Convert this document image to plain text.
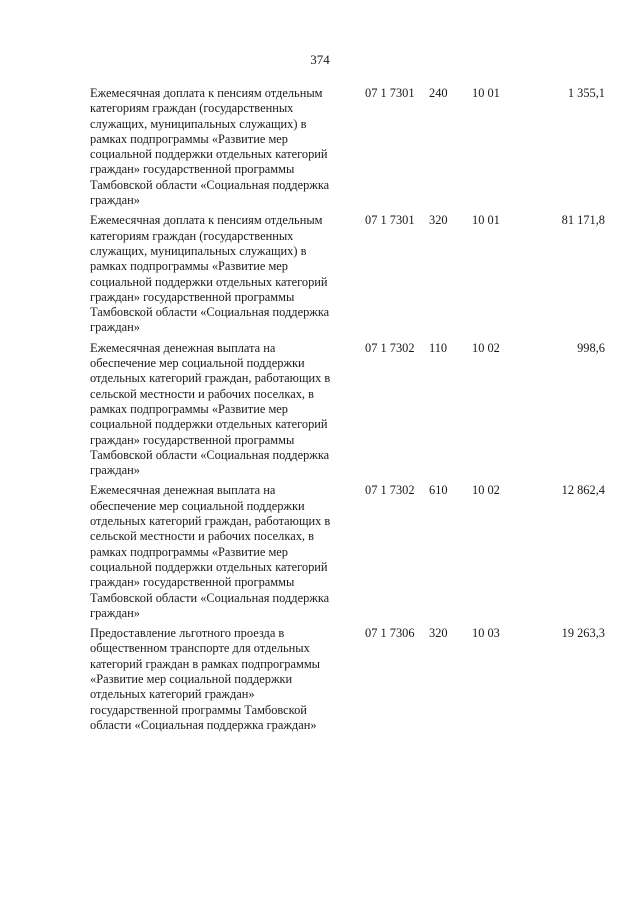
374
Ежемесячная доплата к пенсиям отдельным
категориям граждан (государственных
служащих, муниципальных служащих) в
рамках подпрограммы «Развитие мер
социальной поддержки отдельных категорий
граждан» государственной программы
Тамбовской области «Социальная поддержка
граждан»
07 1 7301	240	10 01	1 355,1
Ежемесячная доплата к пенсиям отдельным
категориям граждан (государственных
служащих, муниципальных служащих) в
рамках подпрограммы «Развитие мер
социальной поддержки отдельных категорий
граждан» государственной программы
Тамбовской области «Социальная поддержка
граждан»
07 1 7301	320	10 01	81 171,8
Ежемесячная денежная выплата на
обеспечение мер социальной поддержки
отдельных категорий граждан, работающих в
сельской местности и рабочих поселках, в
рамках подпрограммы «Развитие мер
социальной поддержки отдельных категорий
граждан» государственной программы
Тамбовской области «Социальная поддержка
граждан»
07 1 7302	110	10 02	998,6
Ежемесячная денежная выплата на
обеспечение мер социальной поддержки
отдельных категорий граждан, работающих в
сельской местности и рабочих поселках, в
рамках подпрограммы «Развитие мер
социальной поддержки отдельных категорий
граждан» государственной программы
Тамбовской области «Социальная поддержка
граждан»
07 1 7302	610	10 02	12 862,4
Предоставление льготного проезда в
общественном транспорте для отдельных
категорий граждан в рамках подпрограммы
«Развитие мер социальной поддержки
отдельных категорий граждан»
государственной программы Тамбовской
области «Социальная поддержка граждан»
07 1 7306	320	10 03	19 263,3
